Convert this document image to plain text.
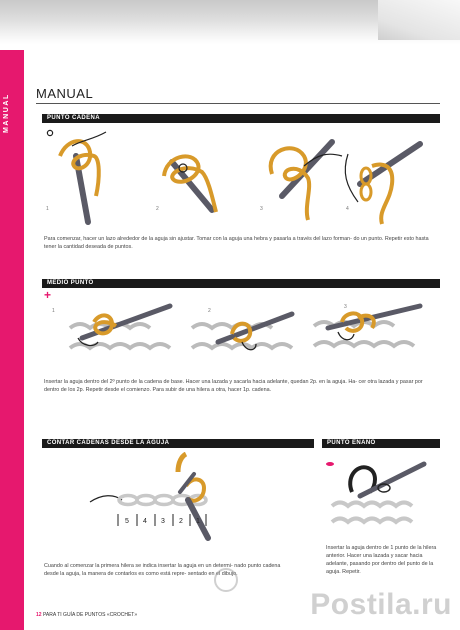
MANUAL	MANUAL
PUNTO CADENA
1	2	3	4
Para comenzar, hacer un lazo alrededor de la aguja sin ajustar. Tomar con la aguja una hebra y pasarla a través del lazo forman- do un punto. Repetir esto hasta tener la cantidad deseada de puntos.
MEDIO PUNTO
+
1	2
3
Insertar la aguja dentro del 2º punto de la cadena de base. Hacer una lazada y sacarla hacia adelante, quedan 2p. en la aguja. Ha- cer otra lazada y pasar por dentro de los 2p. Repetir desde el comienzo. Para subir de una hilera a otra, hacer 1p. cadena.
CONTAR CADENAS DESDE LA AGUJA
5 4 3 2 1
Cuando al comenzar la primera hilera se indica insertar la aguja en un determi- nado punto cadena desde la aguja, la manera de contarlos es como está repre- sentado en el dibujo.
PUNTO ENANO
Insertar la aguja dentro de 1 punto de la hilera anterior. Hacer una lazada y sacar hacia adelante, pasando por dentro del punto de la aguja. Repetir.
12 PARA TI GUÍA DE PUNTOS «CROCHET»	Postila.ru
